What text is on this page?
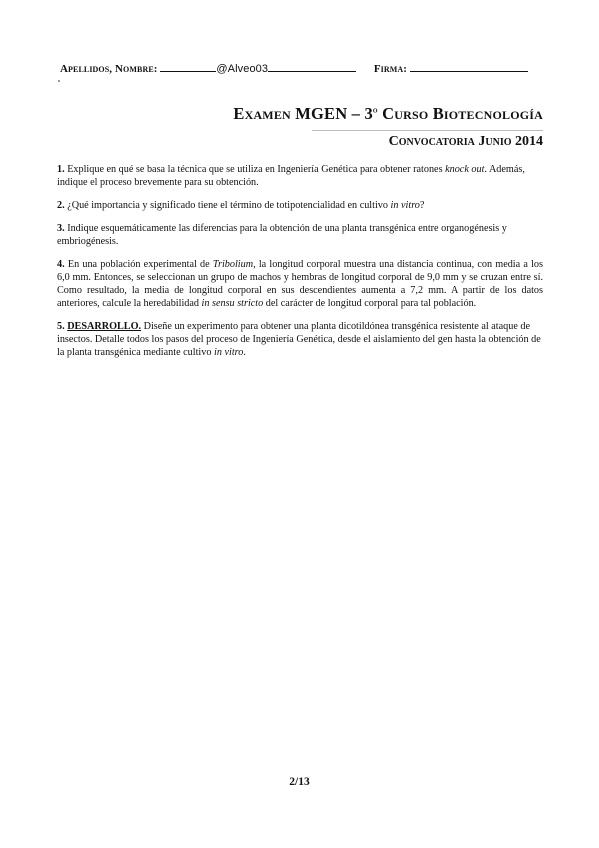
Apellidos, Nombre:	@Alveo03	Firma:
Examen MGEN – 3$^o$ Curso Biotecnología
Convocatoria Junio 2014

1. Explique en qué se basa la técnica que se utiliza en Ingeniería Genética para obtener ratones knock out. Además, indique el proceso brevemente para su obtención.

2. ¿Qué importancia y significado tiene el término de totipotencialidad en cultivo in vitro?

3. Indique esquemáticamente las diferencias para la obtención de una planta transgénica entre organogénesis y embriogénesis.

4. En una población experimental de Tribolium, la longitud corporal muestra una distancia continua, con media a los 6,0 mm. Entonces, se seleccionan un grupo de machos y hembras de longitud corporal de 9,0 mm y se cruzan entre sí. Como resultado, la media de longitud corporal en sus descendientes aumenta a 7,2 mm. A partir de los datos anteriores, calcule la heredabilidad in sensu stricto del carácter de longitud corporal para tal población.

5. DESARROLLO. Diseñe un experimento para obtener una planta dicotildónea transgénica resistente al ataque de insectos. Detalle todos los pasos del proceso de Ingeniería Genética, desde el aislamiento del gen hasta la obtención de la planta transgénica mediante cultivo in vitro.

2/13
